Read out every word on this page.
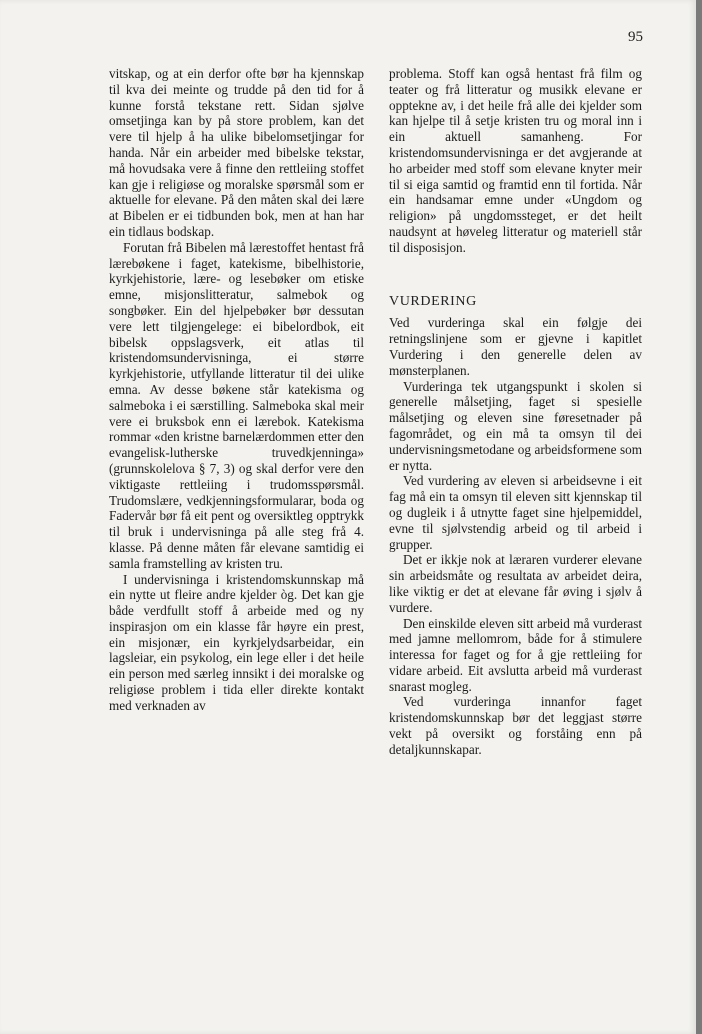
95

vitskap, og at ein derfor ofte bør ha kjennskap til kva dei meinte og trudde på den tid for å kunne forstå tekstane rett. Sidan sjølve omsetjinga kan by på store problem, kan det vere til hjelp å ha ulike bibelomsetjingar for handa. Når ein arbeider med bibelske tekstar, må hovudsaka vere å finne den rettleiing stoffet kan gje i religiøse og moralske spørsmål som er aktuelle for elevane. På den måten skal dei lære at Bibelen er ei tidbunden bok, men at han har ein tidlaus bodskap.

Forutan frå Bibelen må lærestoffet hentast frå lærebøkene i faget, katekisme, bibelhistorie, kyrkjehistorie, lære- og lesebøker om etiske emne, misjonslitteratur, salmebok og songbøker. Ein del hjelpebøker bør dessutan vere lett tilgjengelege: ei bibelordbok, eit bibelsk oppslagsverk, eit atlas til kristendomsundervisninga, ei større kyrkjehistorie, utfyllande litteratur til dei ulike emna. Av desse bøkene står katekisma og salmeboka i ei særstilling. Salmeboka skal meir vere ei bruksbok enn ei lærebok. Katekisma rommar «den kristne barnelærdommen etter den evangelisk-lutherske truvedkjenninga» (grunnskolelova § 7, 3) og skal derfor vere den viktigaste rettleiing i trudomsspørsmål. Trudomslære, vedkjenningsformularar, boda og Fadervår bør få eit pent og oversiktleg opptrykk til bruk i undervisninga på alle steg frå 4. klasse. På denne måten får elevane samtidig ei samla framstelling av kristen tru.

I undervisninga i kristendomskunnskap må ein nytte ut fleire andre kjelder òg. Det kan gje både verdfullt stoff å arbeide med og ny inspirasjon om ein klasse får høyre ein prest, ein misjonær, ein kyrkjelydsarbeidar, ein lagsleiar, ein psykolog, ein lege eller i det heile ein person med særleg innsikt i dei moralske og religiøse problem i tida eller direkte kontakt med verknaden av

problema. Stoff kan også hentast frå film og teater og frå litteratur og musikk elevane er opptekne av, i det heile frå alle dei kjelder som kan hjelpe til å setje kristen tru og moral inn i ein aktuell samanheng. For kristendomsundervisninga er det avgjerande at ho arbeider med stoff som elevane knyter meir til si eiga samtid og framtid enn til fortida. Når ein handsamar emne under «Ungdom og religion» på ungdomssteget, er det heilt naudsynt at høveleg litteratur og materiell står til disposisjon.

VURDERING

Ved vurderinga skal ein følgje dei retningslinjene som er gjevne i kapitlet Vurdering i den generelle delen av mønsterplanen.

Vurderinga tek utgangspunkt i skolen si generelle målsetjing, faget si spesielle målsetjing og eleven sine føresetnader på fagområdet, og ein må ta omsyn til dei undervisningsmetodane og arbeidsformene som er nytta.

Ved vurdering av eleven si arbeidsevne i eit fag må ein ta omsyn til eleven sitt kjennskap til og dugleik i å utnytte faget sine hjelpemiddel, evne til sjølvstendig arbeid og til arbeid i grupper.

Det er ikkje nok at læraren vurderer elevane sin arbeidsmåte og resultata av arbeidet deira, like viktig er det at elevane får øving i sjølv å vurdere.

Den einskilde eleven sitt arbeid må vurderast med jamne mellomrom, både for å stimulere interessa for faget og for å gje rettleiing for vidare arbeid. Eit avslutta arbeid må vurderast snarast mogleg.

Ved vurderinga innanfor faget kristendomskunnskap bør det leggjast større vekt på oversikt og forståing enn på detaljkunnskapar.
